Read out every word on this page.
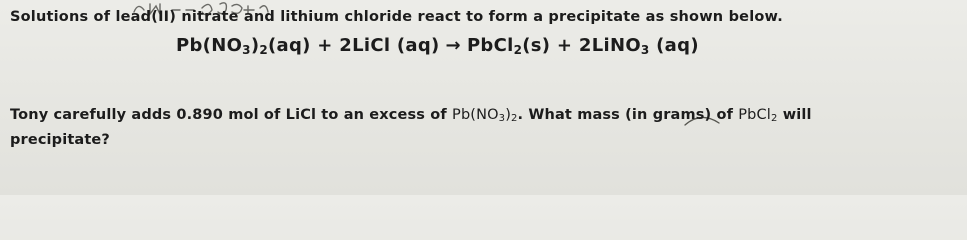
Solutions of lead(II) nitrate and lithium chloride react to form a precipitate as shown below.
$Pb(NO_3)_2(aq)$ + 2LiCl (aq) → PbCl$_2$(s) + 2LiNO$_3$ (aq)
Tony carefully adds 0.890 mol of LiCl to an excess of $Pb(NO_3)_2$. What mass (in grams) of PbCl$_2$ will precipitate?
